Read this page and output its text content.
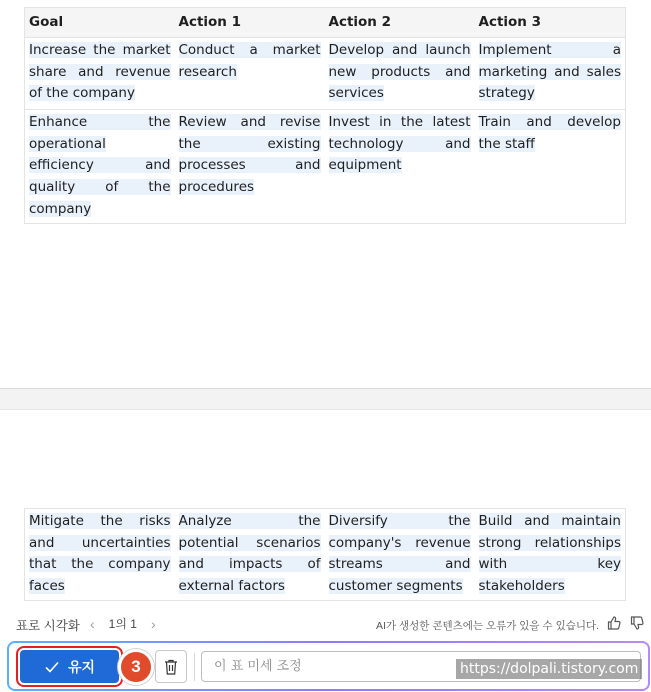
Goal	Action 1	Action 2	Action 3
Increase the market share and revenue of the company	Conduct a market research	Develop and launch new products and services	Implement a marketing and sales strategy
Enhance the operational efficiency and quality of the company	Review and revise the existing processes and procedures	Invest in the latest technology and equipment	Train and develop the staff
Mitigate the risks and uncertainties that the company faces	Analyze the potential scenarios and impacts of external factors	Diversify the company's revenue streams and customer segments	Build and maintain strong relationships with key stakeholders
표로 시각화 ‹ 1의 1 ›	AI가 생성한 콘텐츠에는 오류가 있을 수 있습니다.
유지	3
이 표 미세 조정	https://dolpali.tistory.com
